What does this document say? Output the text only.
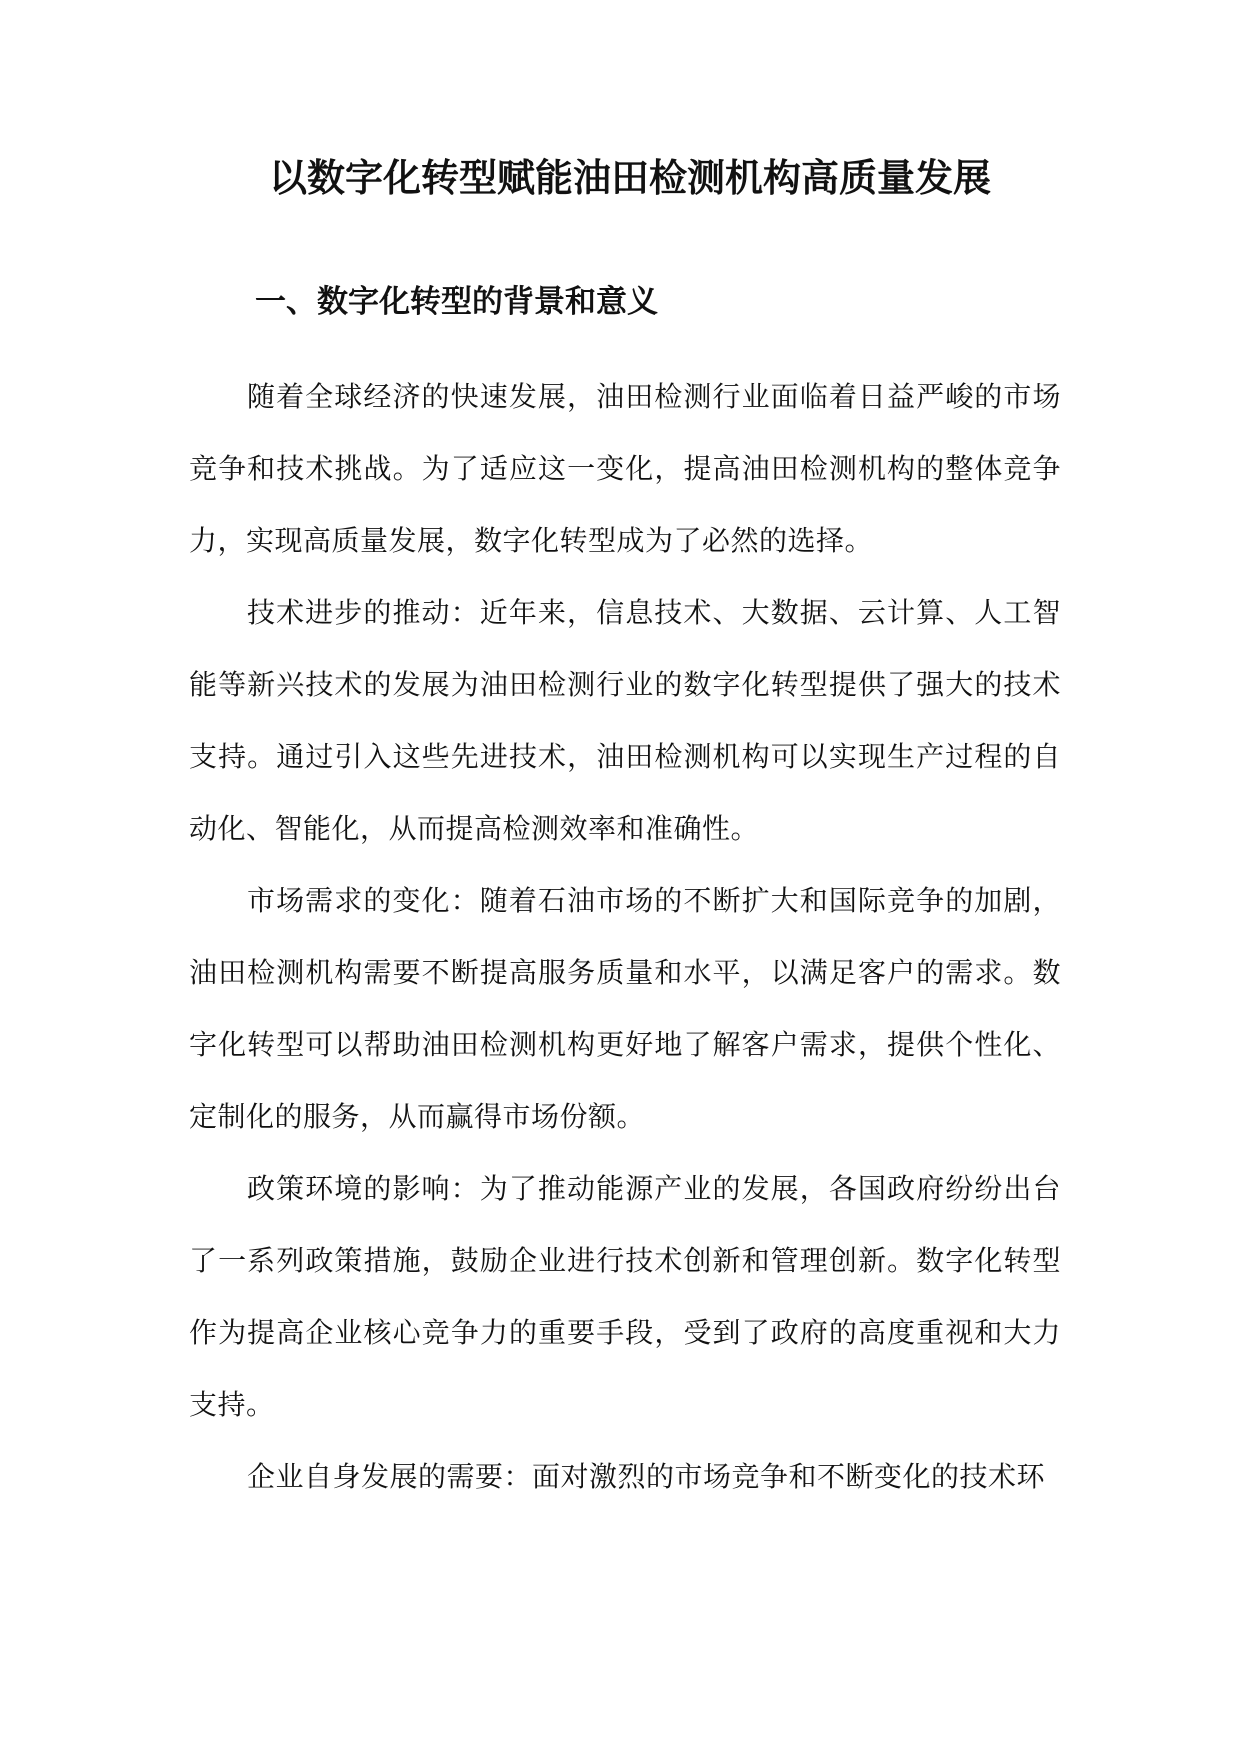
以数字化转型赋能油田检测机构高质量发展
一、数字化转型的背景和意义

随着全球经济的快速发展，油田检测行业面临着日益严峻的市场竞争和技术挑战。为了适应这一变化，提高油田检测机构的整体竞争力，实现高质量发展，数字化转型成为了必然的选择。

技术进步的推动：近年来，信息技术、大数据、云计算、人工智能等新兴技术的发展为油田检测行业的数字化转型提供了强大的技术支持。通过引入这些先进技术，油田检测机构可以实现生产过程的自动化、智能化，从而提高检测效率和准确性。

市场需求的变化：随着石油市场的不断扩大和国际竞争的加剧，油田检测机构需要不断提高服务质量和水平，以满足客户的需求。数字化转型可以帮助油田检测机构更好地了解客户需求，提供个性化、定制化的服务，从而赢得市场份额。

政策环境的影响：为了推动能源产业的发展，各国政府纷纷出台了一系列政策措施，鼓励企业进行技术创新和管理创新。数字化转型作为提高企业核心竞争力的重要手段，受到了政府的高度重视和大力支持。

企业自身发展的需要：面对激烈的市场竞争和不断变化的技术环
